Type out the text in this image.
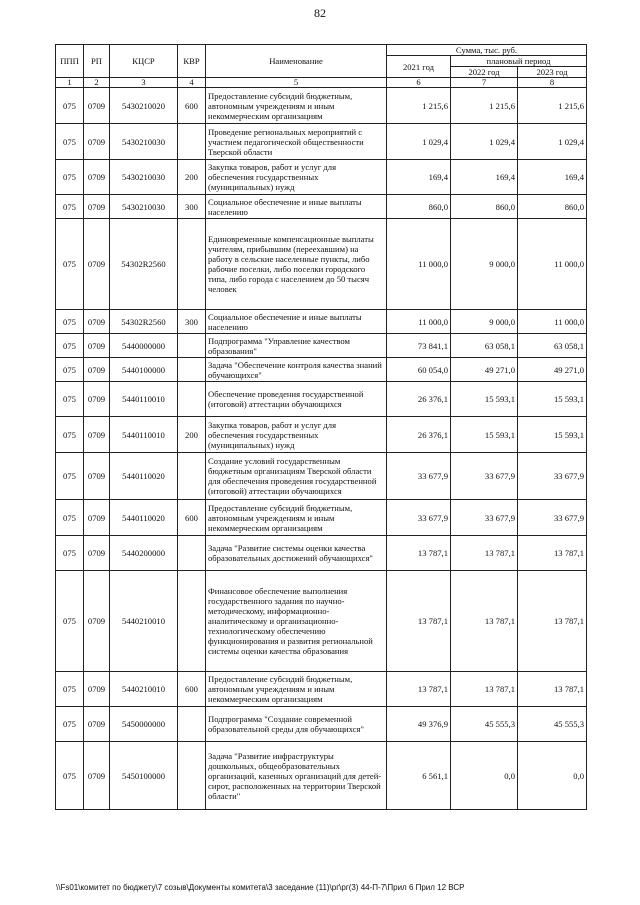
82
ППП	РП	КЦСР	КВР	Наименование	Сумма, тыс. руб.		
					2021 год	плановый период	
						2022 год	2023 год
1	2	3	4	5	6	7	8
075	0709	5430210020	600	Предоставление субсидий бюджетным, автономным учреждениям и иным некоммерческим организациям	1 215,6	1 215,6	1 215,6
075	0709	5430210030		Проведение региональных мероприятий с участием педагогической общественности Тверской области	1 029,4	1 029,4	1 029,4
075	0709	5430210030	200	Закупка товаров, работ и услуг для обеспечения государственных (муниципальных) нужд	169,4	169,4	169,4
075	0709	5430210030	300	Социальное обеспечение и иные выплаты населению	860,0	860,0	860,0
075	0709	54302R2560		Единовременные компенсационные выплаты учителям, прибывшим (переехавшим) на работу в сельские населенные пункты, либо рабочие поселки, либо поселки городского типа, либо города с населением до 50 тысяч человек	11 000,0	9 000,0	11 000,0
075	0709	54302R2560	300	Социальное обеспечение и иные выплаты населению	11 000,0	9 000,0	11 000,0
075	0709	5440000000		Подпрограмма "Управление качеством образования"	73 841,1	63 058,1	63 058,1
075	0709	5440100000		Задача "Обеспечение контроля качества знаний обучающихся"	60 054,0	49 271,0	49 271,0
075	0709	5440110010		Обеспечение проведения государственной (итоговой) аттестации обучающихся	26 376,1	15 593,1	15 593,1
075	0709	5440110010	200	Закупка товаров, работ и услуг для обеспечения государственных (муниципальных) нужд	26 376,1	15 593,1	15 593,1
075	0709	5440110020		Создание условий государственным бюджетным организациям Тверской области для обеспечения проведения государственной (итоговой) аттестации обучающихся	33 677,9	33 677,9	33 677,9
075	0709	5440110020	600	Предоставление субсидий бюджетным, автономным учреждениям и иным некоммерческим организациям	33 677,9	33 677,9	33 677,9
075	0709	5440200000		Задача "Развитие системы оценки качества образовательных достижений обучающихся"	13 787,1	13 787,1	13 787,1
075	0709	5440210010		Финансовое обеспечение выполнения государственного задания по научно-методическому, информационно-аналитическому и организационно-технологическому обеспечению функционирования и развития региональной системы оценки качества образования	13 787,1	13 787,1	13 787,1
075	0709	5440210010	600	Предоставление субсидий бюджетным, автономным учреждениям и иным некоммерческим организациям	13 787,1	13 787,1	13 787,1
075	0709	5450000000		Подпрограмма "Создание современной образовательной среды для обучающихся"	49 376,9	45 555,3	45 555,3
075	0709	5450100000		Задача "Развитие инфраструктуры дошкольных, общеобразовательных организаций, казенных организаций для детей-сирот, расположенных на территории Тверской области"	6 561,1	0,0	0,0
\\Fs01\комитет по бюджету\7 созыв\Документы комитета\3 заседание (11)\рг\рг(3) 44-П-7\Прил 6 Прил 12 ВСР
